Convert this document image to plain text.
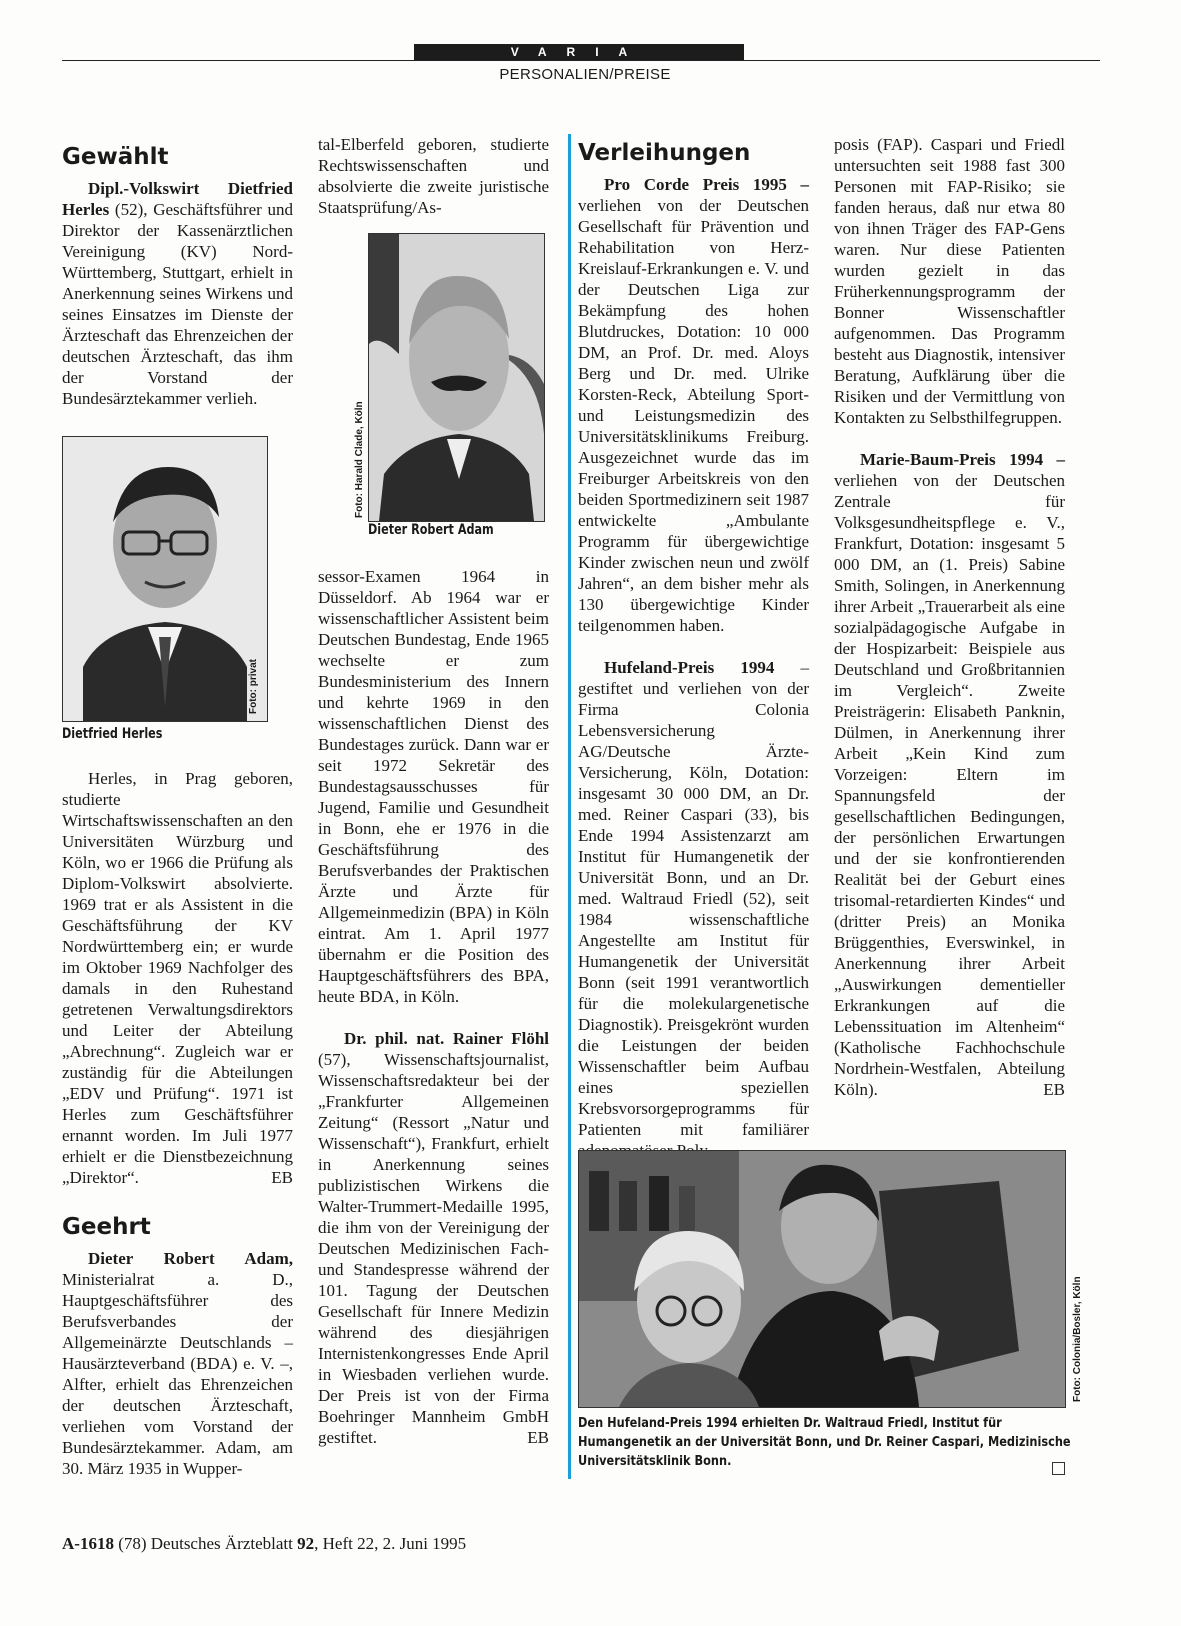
VARIA
PERSONALIEN/PREISE
Gewählt

Dipl.-Volkswirt Dietfried Herles (52), Geschäftsführer und Direktor der Kassenärztlichen Vereinigung (KV) Nord-Württemberg, Stuttgart, erhielt in Anerkennung seines Wirkens und seines Einsatzes im Dienste der Ärzteschaft das Ehrenzeichen der deutschen Ärzteschaft, das ihm der Vorstand der Bundesärztekammer verlieh.

Foto: privat
Dietfried Herles

Herles, in Prag geboren, studierte Wirtschaftswissenschaften an den Universitäten Würzburg und Köln, wo er 1966 die Prüfung als Diplom-Volkswirt absolvierte. 1969 trat er als Assistent in die Geschäftsführung der KV Nordwürttemberg ein; er wurde im Oktober 1969 Nachfolger des damals in den Ruhestand getretenen Verwaltungsdirektors und Leiter der Abteilung „Abrechnung“. Zugleich war er zuständig für die Abteilungen „EDV und Prüfung“. 1971 ist Herles zum Geschäftsführer ernannt worden. Im Juli 1977 erhielt er die Dienstbezeichnung „Direktor“.	EB

Geehrt

Dieter Robert Adam, Ministerialrat a. D., Hauptgeschäftsführer des Berufsverbandes der Allgemeinärzte Deutschlands – Hausärzteverband (BDA) e. V. –, Alfter, erhielt das Ehrenzeichen der deutschen Ärzteschaft, verliehen vom Vorstand der Bundesärztekammer. Adam, am 30. März 1935 in Wupper-

tal-Elberfeld geboren, studierte Rechtswissenschaften und absolvierte die zweite juristische Staatsprüfung/As-

Foto: Harald Clade, Köln
Dieter Robert Adam

sessor-Examen 1964 in Düsseldorf. Ab 1964 war er wissenschaftlicher Assistent beim Deutschen Bundestag, Ende 1965 wechselte er zum Bundesministerium des Innern und kehrte 1969 in den wissenschaftlichen Dienst des Bundestages zurück. Dann war er seit 1972 Sekretär des Bundestagsausschusses für Jugend, Familie und Gesundheit in Bonn, ehe er 1976 in die Geschäftsführung des Berufsverbandes der Praktischen Ärzte und Ärzte für Allgemeinmedizin (BPA) in Köln eintrat. Am 1. April 1977 übernahm er die Position des Hauptgeschäftsführers des BPA, heute BDA, in Köln.

Dr. phil. nat. Rainer Flöhl (57), Wissenschaftsjournalist, Wissenschaftsredakteur bei der „Frankfurter Allgemeinen Zeitung“ (Ressort „Natur und Wissenschaft“), Frankfurt, erhielt in Anerkennung seines publizistischen Wirkens die Walter-Trummert-Medaille 1995, die ihm von der Vereinigung der Deutschen Medizinischen Fach- und Standespresse während der 101. Tagung der Deutschen Gesellschaft für Innere Medizin während des diesjährigen Internistenkongresses Ende April in Wiesbaden verliehen wurde. Der Preis ist von der Firma Boehringer Mannheim GmbH gestiftet.	EB

Verleihungen

Pro Corde Preis 1995 – verliehen von der Deutschen Gesellschaft für Prävention und Rehabilitation von Herz-Kreislauf-Erkrankungen e. V. und der Deutschen Liga zur Bekämpfung des hohen Blutdruckes, Dotation: 10 000 DM, an Prof. Dr. med. Aloys Berg und Dr. med. Ulrike Korsten-Reck, Abteilung Sport- und Leistungsmedizin des Universitätsklinikums Freiburg. Ausgezeichnet wurde das im Freiburger Arbeitskreis von den beiden Sportmedizinern seit 1987 entwickelte „Ambulante Programm für übergewichtige Kinder zwischen neun und zwölf Jahren“, an dem bisher mehr als 130 übergewichtige Kinder teilgenommen haben.

Hufeland-Preis 1994 – gestiftet und verliehen von der Firma Colonia Lebensversicherung AG/Deutsche Ärzte-Versicherung, Köln, Dotation: insgesamt 30 000 DM, an Dr. med. Reiner Caspari (33), bis Ende 1994 Assistenzarzt am Institut für Humangenetik der Universität Bonn, und an Dr. med. Waltraud Friedl (52), seit 1984 wissenschaftliche Angestellte am Institut für Humangenetik der Universität Bonn (seit 1991 verantwortlich für die molekulargenetische Diagnostik). Preisgekrönt wurden die Leistungen der beiden Wissenschaftler beim Aufbau eines speziellen Krebsvorsorgeprogramms für Patienten mit familiärer

posis (FAP). Caspari und Friedl untersuchten seit 1988 fast 300 Personen mit FAP-Risiko; sie fanden heraus, daß nur etwa 80 von ihnen Träger des FAP-Gens waren. Nur diese Patienten wurden gezielt in das Früherkennungsprogramm der Bonner Wissenschaftler aufgenommen. Das Programm besteht aus Diagnostik, intensiver Beratung, Aufklärung über die Risiken und der Vermittlung von Kontakten zu Selbsthilfegruppen.

Marie-Baum-Preis 1994 – verliehen von der Deutschen Zentrale für Volksgesundheitspflege e. V., Frankfurt, Dotation: insgesamt 5 000 DM, an (1. Preis) Sabine Smith, Solingen, in Anerkennung ihrer Arbeit „Trauerarbeit als eine sozialpädagogische Aufgabe in der Hospizarbeit: Beispiele aus Deutschland und Großbritannien im Vergleich“. Zweite Preisträgerin: Elisabeth Panknin, Dülmen, in Anerkennung ihrer Arbeit „Kein Kind zum Vorzeigen: Eltern im Spannungsfeld der gesellschaftlichen Bedingungen, der persönlichen Erwartungen und der sie konfrontierenden Realität bei der Geburt eines trisomal-retardierten Kindes“ und (dritter Preis) an Monika Brüggenthies, Everswinkel, in Anerkennung ihrer Arbeit „Auswirkungen dementieller Erkrankungen auf die Lebenssituation im Altenheim“ (Katholische Fachhochschule Nordrhein-Westfalen, Abteilung Köln).	EB

Foto: Colonia/Bosler, Köln
Den Hufeland-Preis 1994 erhielten Dr. Waltraud Friedl, Institut für Humangenetik an der Universität Bonn, und Dr. Reiner Caspari, Medizinische Universitätsklinik Bonn.
A-1618 (78) Deutsches Ärzteblatt 92, Heft 22, 2. Juni 1995
